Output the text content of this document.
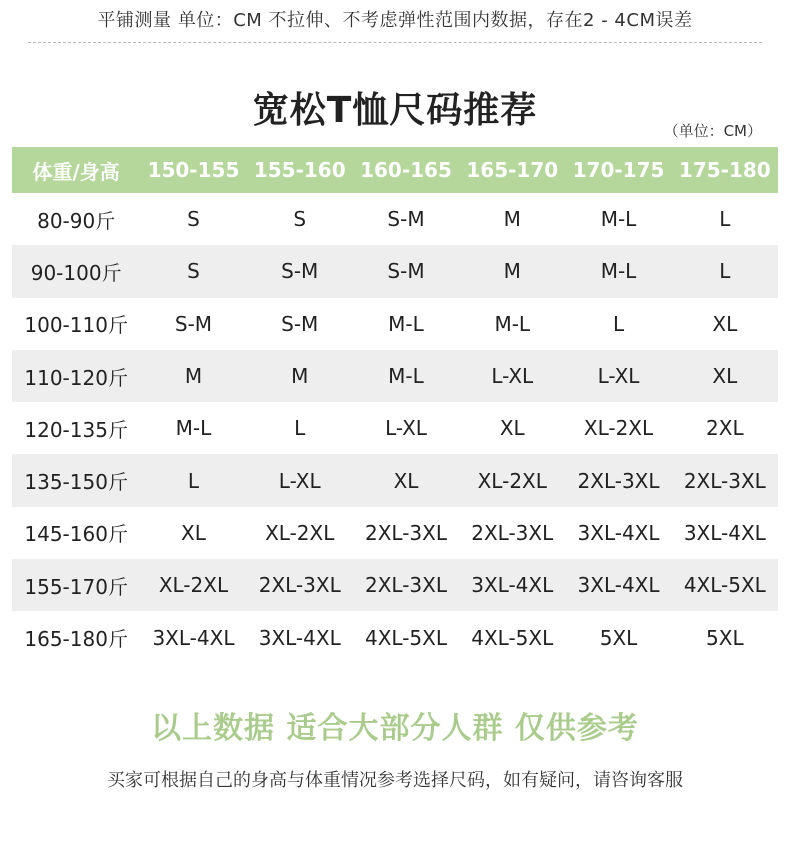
平铺测量 单位：CM 不拉伸、不考虑弹性范围内数据，存在2 - 4CM误差
宽松T恤尺码推荐	（单位：CM）
体重/身高	150-155	155-160	160-165	165-170	170-175	175-180
80-90斤	S	S	S-M	M	M-L	L
90-100斤	S	S-M	S-M	M	M-L	L
100-110斤	S-M	S-M	M-L	M-L	L	XL
110-120斤	M	M	M-L	L-XL	L-XL	XL
120-135斤	M-L	L	L-XL	XL	XL-2XL	2XL
135-150斤	L	L-XL	XL	XL-2XL	2XL-3XL	2XL-3XL
145-160斤	XL	XL-2XL	2XL-3XL	2XL-3XL	3XL-4XL	3XL-4XL
155-170斤	XL-2XL	2XL-3XL	2XL-3XL	3XL-4XL	3XL-4XL	4XL-5XL
165-180斤	3XL-4XL	3XL-4XL	4XL-5XL	4XL-5XL	5XL	5XL
以上数据 适合大部分人群 仅供参考
买家可根据自己的身高与体重情况参考选择尺码，如有疑问，请咨询客服
